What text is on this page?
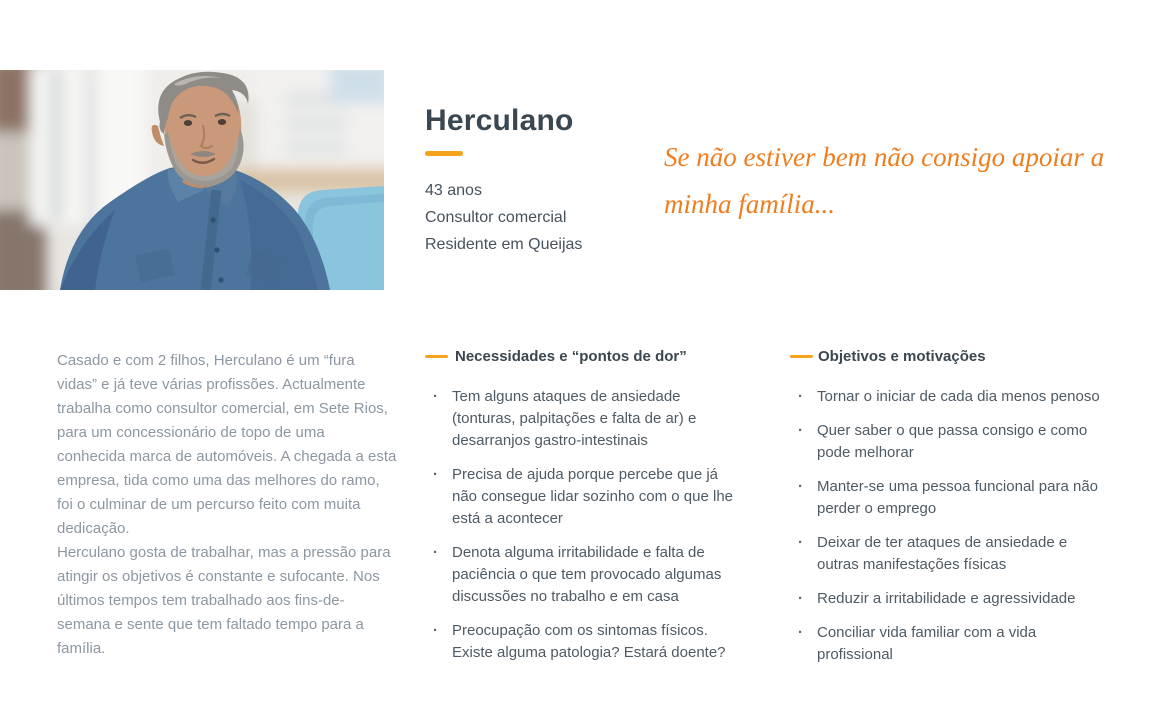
Herculano
43 anos
Consultor comercial
Residente em Queijas
Se não estiver bem não consigo apoiar a
minha família...
Casado e com 2 filhos, Herculano é um “fura vidas” e já teve várias profissões. Actualmente trabalha como consultor comercial, em Sete Rios, para um concessionário de topo de uma conhecida marca de automóveis. A chegada a esta empresa, tida como uma das melhores do ramo, foi o culminar de um percurso feito com muita dedicação.
Herculano gosta de trabalhar, mas a pressão para atingir os objetivos é constante e sufocante. Nos últimos tempos tem trabalhado aos fins-de-semana e sente que tem faltado tempo para a família.
Necessidades e “pontos de dor”
· Tem alguns ataques de ansiedade (tonturas, palpitações e falta de ar) e desarranjos gastro-intestinais
· Precisa de ajuda porque percebe que já não consegue lidar sozinho com o que lhe está a acontecer
· Denota alguma irritabilidade e falta de paciência o que tem provocado algumas discussões no trabalho e em casa
· Preocupação com os sintomas físicos. Existe alguma patologia? Estará doente?
Objetivos e motivações
· Tornar o iniciar de cada dia menos penoso
· Quer saber o que passa consigo e como pode melhorar
· Manter-se uma pessoa funcional para não perder o emprego
· Deixar de ter ataques de ansiedade e outras manifestações físicas
· Reduzir a irritabilidade e agressividade
· Conciliar vida familiar com a vida profissional
